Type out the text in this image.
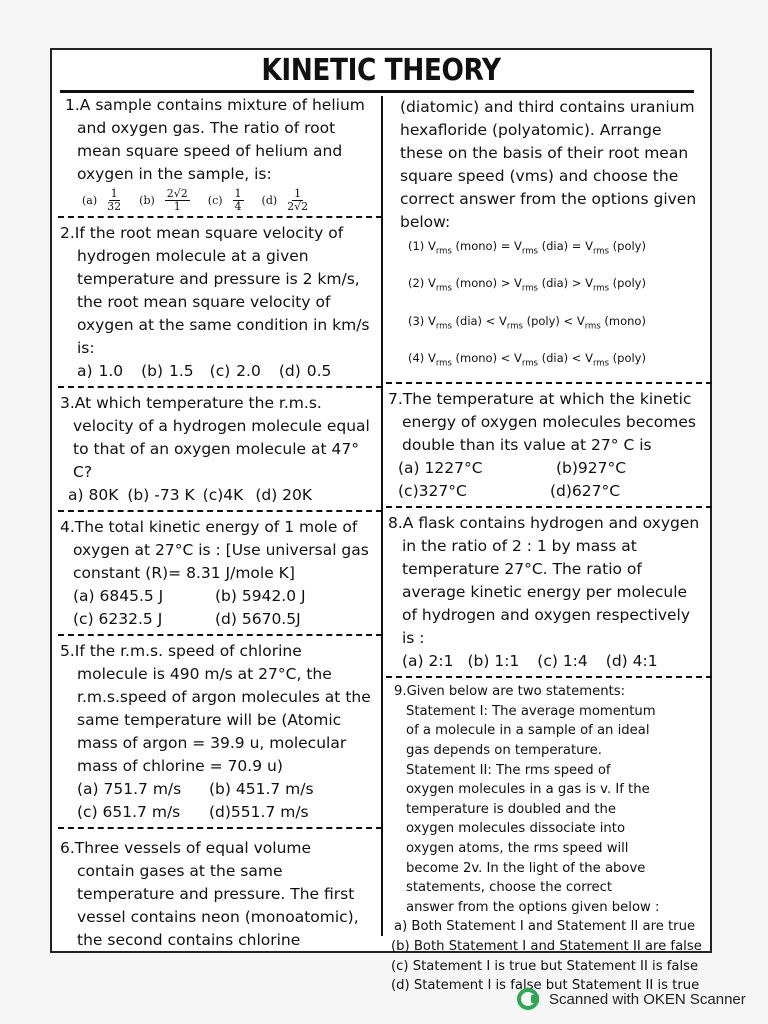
KINETIC THEORY
1.A sample contains mixture of helium
and oxygen gas. The ratio of root
mean square speed of helium and
oxygen in the sample, is:
$(a) \frac{1}{32} (b) \frac{2√2}{1} (c) \frac{1}{4} (d) \frac{1}{2√2}$
2.If the root mean square velocity of
hydrogen molecule at a given
temperature and pressure is 2 km/s,
the root mean square velocity of
oxygen at the same condition in km/s
is:
a) 1.0 (b) 1.5 (c) 2.0 (d) 0.5
3.At which temperature the r.m.s.
velocity of a hydrogen molecule equal
to that of an oxygen molecule at 47°
C?
a) 80K (b) -73 K (c)4K (d) 20K
4.The total kinetic energy of 1 mole of
oxygen at 27°C is : [Use universal gas
constant (R)= 8.31 J/mole K]
(a) 6845.5 J	(b) 5942.0 J
(c) 6232.5 J	(d) 5670.5J
5.If the r.m.s. speed of chlorine
molecule is 490 m/s at 27°C, the
r.m.s.speed of argon molecules at the
same temperature will be (Atomic
mass of argon = 39.9 u, molecular
mass of chlorine = 70.9 u)
(a) 751.7 m/s (b) 451.7 m/s
(c) 651.7 m/s (d)551.7 m/s
6.Three vessels of equal volume
contain gases at the same
temperature and pressure. The first
vessel contains neon (monoatomic),
the second contains chlorine
(diatomic) and third contains uranium
hexafloride (polyatomic). Arrange
these on the basis of their root mean
square speed (vms) and choose the
correct answer from the options given
below:
(1) $V_{rms}$ (mono) = $V_{rms}$ $(dia) = V_{rms}$ (poly)
(2) $V_{rms}$ (mono) > $V_{rms}$ $(dia) > V_{rms}$ (poly)
(3) $V_{rms}$ $(dia) < V_{rms}$ (poly) < $V_{rms}$ (mono)
(4) $V_{rms}$ (mono) < $V_{rms}$ $(dia) < V_{rms}$ (poly)
7.The temperature at which the kinetic
energy of oxygen molecules becomes
double than its value at 27° C is
(a) 1227°C	(b)927°C
(c)327°C	(d)627°C
8.A flask contains hydrogen and oxygen
in the ratio of 2 : 1 by mass at
temperature 27°C. The ratio of
average kinetic energy per molecule
of hydrogen and oxygen respectively
is :
(a) 2:1 (b) 1:1 (c) 1:4 (d) 4:1
9.Given below are two statements:
Statement I: The average momentum
of a molecule in a sample of an ideal
gas depends on temperature.
Statement II: The rms speed of
oxygen molecules in a gas is v. If the
temperature is doubled and the
oxygen molecules dissociate into
oxygen atoms, the rms speed will
become 2v. In the light of the above
statements, choose the correct
answer from the options given below :
a) Both Statement I and Statement II are true
(b) Both Statement I and Statement II are false
(c) Statement I is true but Statement II is false
(d) Statement I is false but Statement II is true
Scanned with OKEN Scanner
